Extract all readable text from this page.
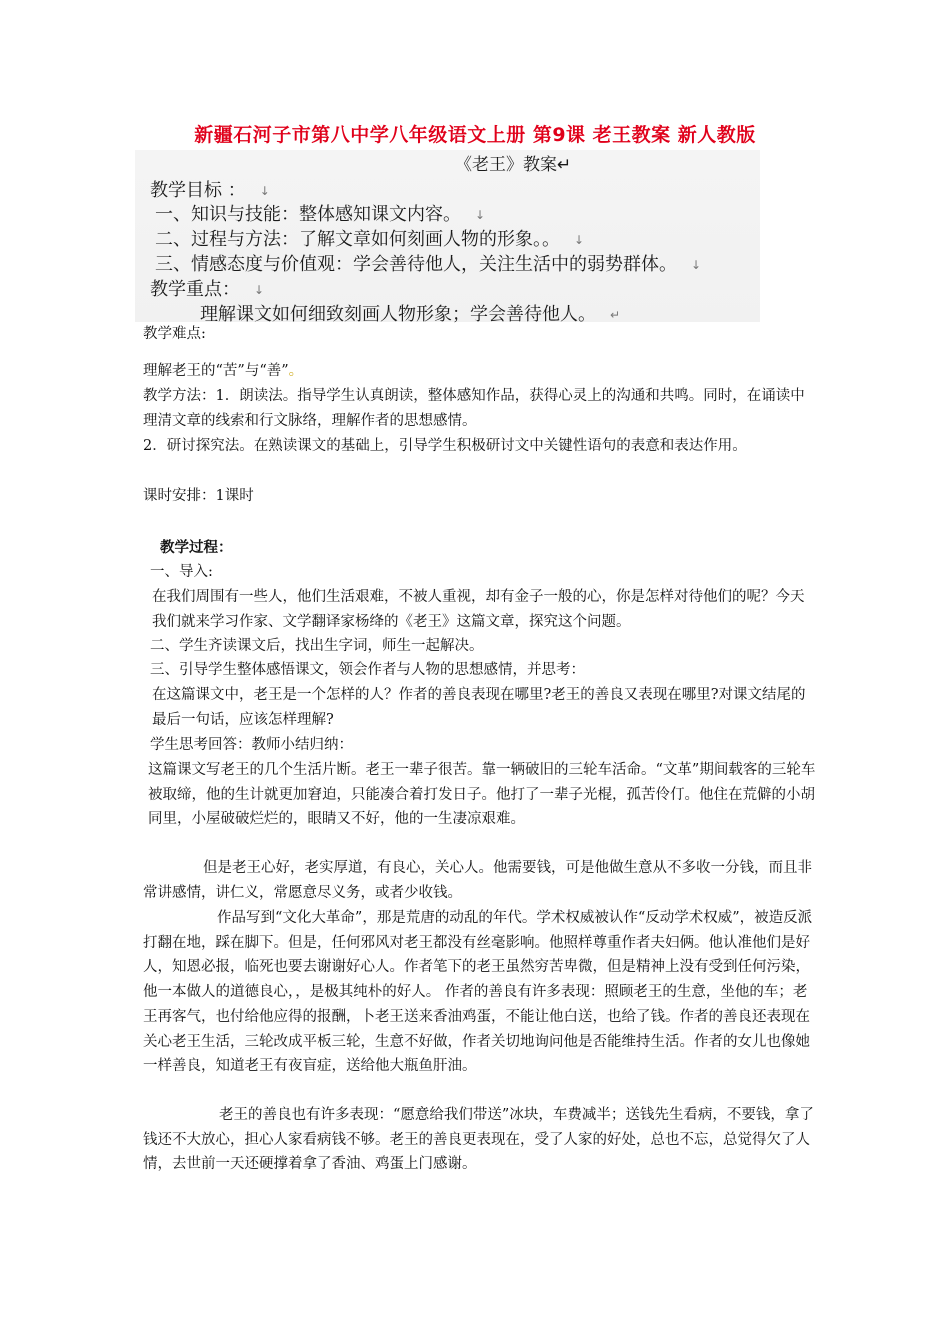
新疆石河子市第八中学八年级语文上册 第9课 老王教案 新人教版
《老王》教案↵
教学目标 ： ↓
一、知识与技能：整体感知课文内容。 ↓
二、过程与方法：了解文章如何刻画人物的形象。。 ↓
三、情感态度与价值观：学会善待他人，关注生活中的弱势群体。 ↓
教学重点： ↓
理解课文如何细致刻画人物形象；学会善待他人。 ↵
教学难点:
理解老王的“苦”与“善”。
教学方法：1．朗读法。指导学生认真朗读，整体感知作品，获得心灵上的沟通和共鸣。同时，在诵读中理清文章的线索和行文脉络，理解作者的思想感情。
2．研讨探究法。在熟读课文的基础上，引导学生积极研讨文中关键性语句的表意和表达作用。
课时安排：1课时
教学过程：
一、导入:
在我们周围有一些人，他们生活艰难，不被人重视，却有金子一般的心，你是怎样对待他们的呢？今天我们就来学习作家、文学翻译家杨绛的《老王》这篇文章，探究这个问题。
二、学生齐读课文后，找出生字词，师生一起解决。
三、引导学生整体感悟课文，领会作者与人物的思想感情，并思考：
在这篇课文中，老王是一个怎样的人？作者的善良表现在哪里?老王的善良又表现在哪里?对课文结尾的最后一句话，应该怎样理解?
学生思考回答：教师小结归纳：
这篇课文写老王的几个生活片断。老王一辈子很苦。靠一辆破旧的三轮车活命。“文革”期间载客的三轮车被取缔，他的生计就更加窘迫，只能凑合着打发日子。他打了一辈子光棍，孤苦伶仃。他住在荒僻的小胡同里，小屋破破烂烂的，眼睛又不好，他的一生凄凉艰难。
但是老王心好，老实厚道，有良心，关心人。他需要钱，可是他做生意从不多收一分钱，而且非常讲感情，讲仁义，常愿意尽义务，或者少收钱。
作品写到“文化大革命”，那是荒唐的动乱的年代。学术权威被认作“反动学术权威”，被造反派打翻在地，踩在脚下。但是，任何邪风对老王都没有丝毫影响。他照样尊重作者夫妇俩。他认准他们是好人，知恩必报，临死也要去谢谢好心人。作者笔下的老王虽然穷苦卑微，但是精神上没有受到任何污染，他一本做人的道德良心，，是极其纯朴的好人。 作者的善良有许多表现：照顾老王的生意，坐他的车；老王再客气，也付给他应得的报酬，卜老王送来香油鸡蛋，不能让他白送，也给了钱。作者的善良还表现在关心老王生活，三轮改成平板三轮，生意不好做，作者关切地询问他是否能维持生活。作者的女儿也像她一样善良，知道老王有夜盲症，送给他大瓶鱼肝油。
老王的善良也有许多表现：“愿意给我们带送”冰块，车费减半；送钱先生看病，不要钱，拿了钱还不大放心，担心人家看病钱不够。老王的善良更表现在，受了人家的好处，总也不忘，总觉得欠了人情，去世前一天还硬撑着拿了香油、鸡蛋上门感谢。
